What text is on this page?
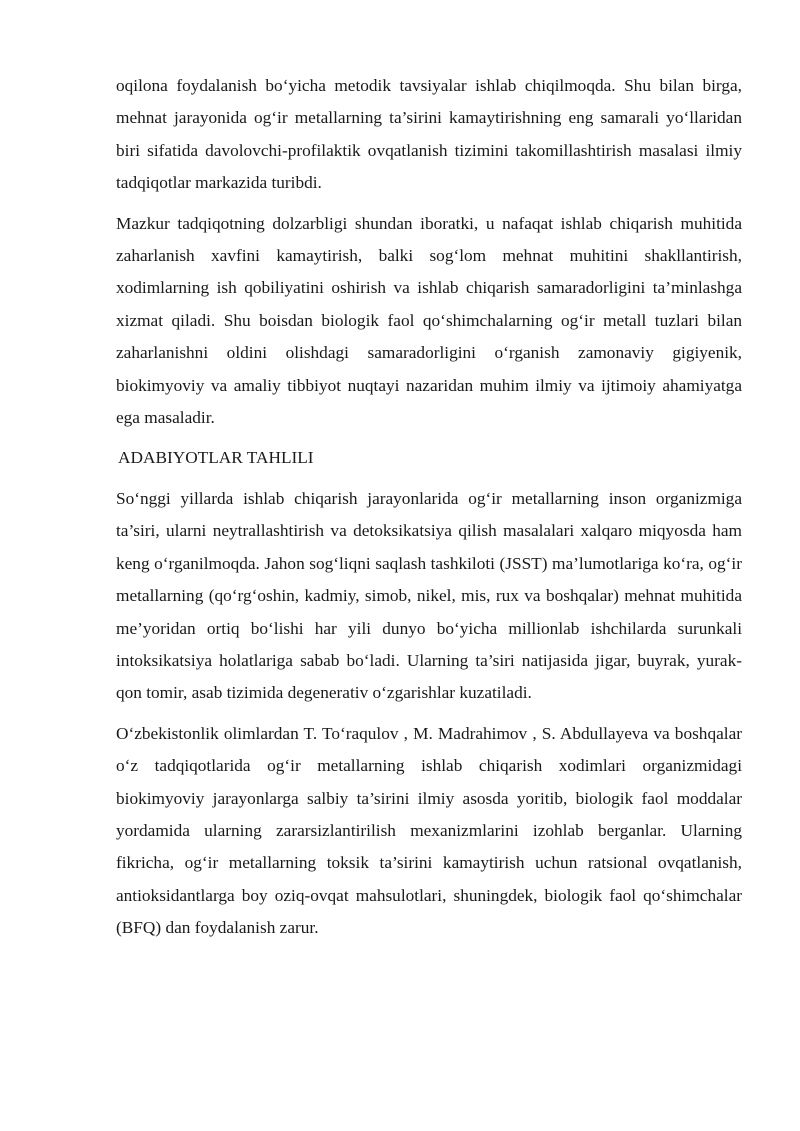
oqilona foydalanish bo‘yicha metodik tavsiyalar ishlab chiqilmoqda. Shu bilan birga, mehnat jarayonida og‘ir metallarning ta’sirini kamaytirishning eng samarali yo‘llaridan biri sifatida davolovchi-profilaktik ovqatlanish tizimini takomillashtirish masalasi ilmiy tadqiqotlar markazida turibdi.

Mazkur tadqiqotning dolzarbligi shundan iboratki, u nafaqat ishlab chiqarish muhitida zaharlanish xavfini kamaytirish, balki sog‘lom mehnat muhitini shakllantirish, xodimlarning ish qobiliyatini oshirish va ishlab chiqarish samaradorligini ta’minlashga xizmat qiladi. Shu boisdan biologik faol qo‘shimchalarning og‘ir metall tuzlari bilan zaharlanishni oldini olishdagi samaradorligini o‘rganish zamonaviy gigiyenik, biokimyoviy va amaliy tibbiyot nuqtayi nazaridan muhim ilmiy va ijtimoiy ahamiyatga ega masaladir.

ADABIYOTLAR TAHLILI

So‘nggi yillarda ishlab chiqarish jarayonlarida og‘ir metallarning inson organizmiga ta’siri, ularni neytrallashtirish va detoksikatsiya qilish masalalari xalqaro miqyosda ham keng o‘rganilmoqda. Jahon sog‘liqni saqlash tashkiloti (JSST) ma’lumotlariga ko‘ra, og‘ir metallarning (qo‘rg‘oshin, kadmiy, simob, nikel, mis, rux va boshqalar) mehnat muhitida me’yoridan ortiq bo‘lishi har yili dunyo bo‘yicha millionlab ishchilarda surunkali intoksikatsiya holatlariga sabab bo‘ladi. Ularning ta’siri natijasida jigar, buyrak, yurak-qon tomir, asab tizimida degenerativ o‘zgarishlar kuzatiladi.

O‘zbekistonlik olimlardan T. To‘raqulov , M. Madrahimov , S. Abdullayeva va boshqalar o‘z tadqiqotlarida og‘ir metallarning ishlab chiqarish xodimlari organizmidagi biokimyoviy jarayonlarga salbiy ta’sirini ilmiy asosda yoritib, biologik faol moddalar yordamida ularning zararsizlantirilish mexanizmlarini izohlab berganlar. Ularning fikricha, og‘ir metallarning toksik ta’sirini kamaytirish uchun ratsional ovqatlanish, antioksidantlarga boy oziq-ovqat mahsulotlari, shuningdek, biologik faol qo‘shimchalar (BFQ) dan foydalanish zarur.
